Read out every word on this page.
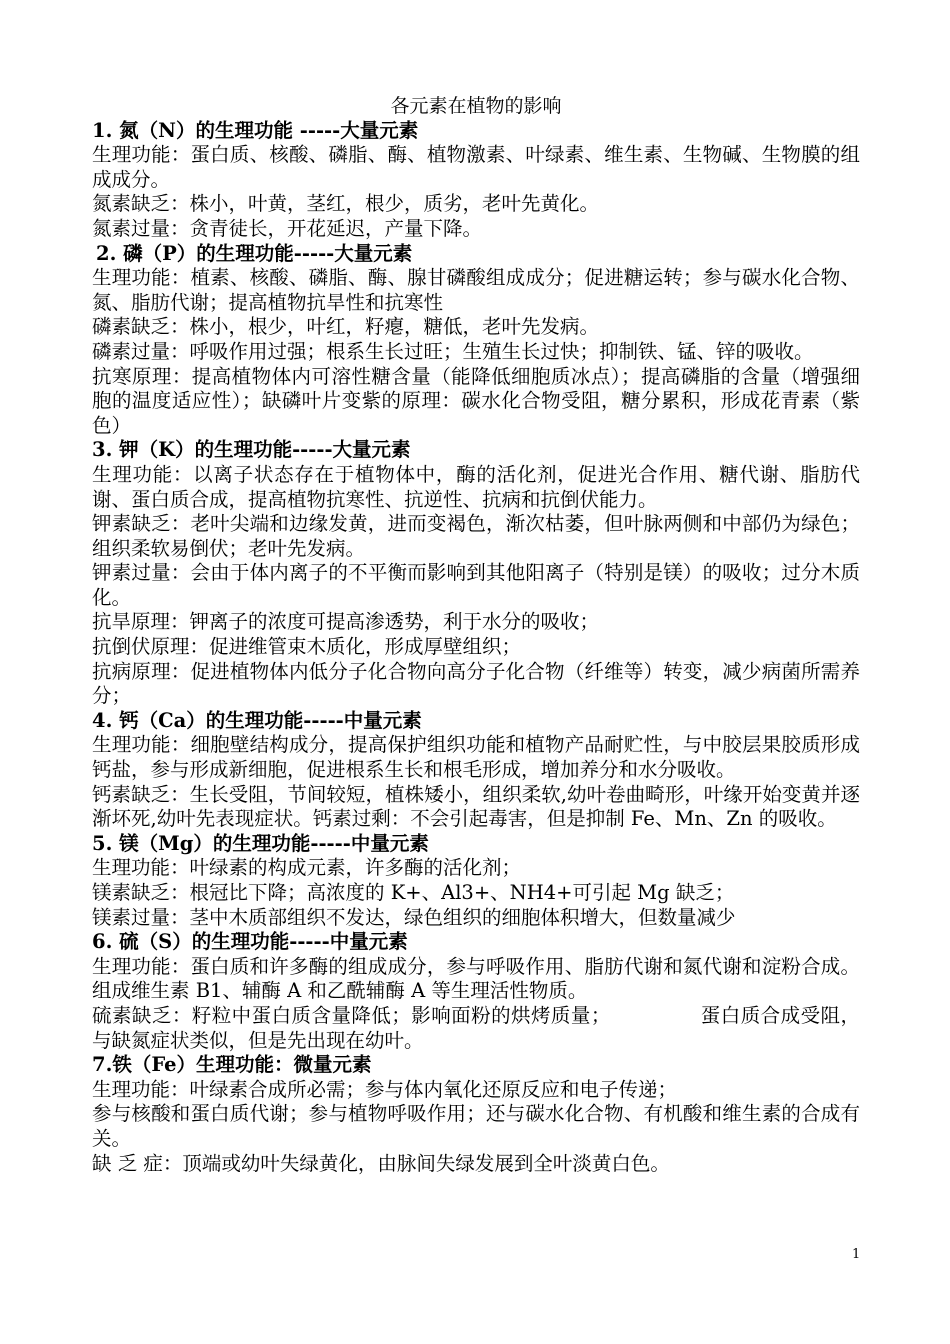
各元素在植物的影响

1. 氮（N）的生理功能 -----大量元素

生理功能：蛋白质、核酸、磷脂、酶、植物激素、叶绿素、维生素、生物碱、生物膜的组成成分。

氮素缺乏：株小，叶黄，茎红，根少，质劣，老叶先黄化。

氮素过量：贪青徒长，开花延迟，产量下降。

2. 磷（P）的生理功能-----大量元素

生理功能：植素、核酸、磷脂、酶、腺甘磷酸组成成分；促进糖运转；参与碳水化合物、氮、脂肪代谢；提高植物抗旱性和抗寒性

磷素缺乏：株小，根少，叶红，籽瘪，糖低，老叶先发病。

磷素过量：呼吸作用过强；根系生长过旺；生殖生长过快；抑制铁、锰、锌的吸收。

抗寒原理：提高植物体内可溶性糖含量（能降低细胞质冰点）；提高磷脂的含量（增强细胞的温度适应性）；缺磷叶片变紫的原理：碳水化合物受阻，糖分累积，形成花青素（紫色）

3. 钾（K）的生理功能-----大量元素

生理功能：以离子状态存在于植物体中，酶的活化剂，促进光合作用、糖代谢、脂肪代谢、蛋白质合成，提高植物抗寒性、抗逆性、抗病和抗倒伏能力。

钾素缺乏：老叶尖端和边缘发黄，进而变褐色，渐次枯萎，但叶脉两侧和中部仍为绿色；组织柔软易倒伏；老叶先发病。

钾素过量：会由于体内离子的不平衡而影响到其他阳离子（特别是镁）的吸收；过分木质化。

抗旱原理：钾离子的浓度可提高渗透势，利于水分的吸收；

抗倒伏原理：促进维管束木质化，形成厚壁组织；

抗病原理：促进植物体内低分子化合物向高分子化合物（纤维等）转变，减少病菌所需养分；

4. 钙（Ca）的生理功能-----中量元素

生理功能：细胞壁结构成分，提高保护组织功能和植物产品耐贮性，与中胶层果胶质形成钙盐，参与形成新细胞，促进根系生长和根毛形成，增加养分和水分吸收。

钙素缺乏：生长受阻，节间较短，植株矮小，组织柔软,幼叶卷曲畸形，叶缘开始变黄并逐渐坏死,幼叶先表现症状。钙素过剩：不会引起毒害，但是抑制 Fe、Mn、Zn 的吸收。

5. 镁（Mg）的生理功能-----中量元素

生理功能：叶绿素的构成元素，许多酶的活化剂；

镁素缺乏：根冠比下降；高浓度的 K+、Al3+、NH4+可引起 Mg 缺乏；

镁素过量：茎中木质部组织不发达，绿色组织的细胞体积增大，但数量减少

6. 硫（S）的生理功能-----中量元素

生理功能：蛋白质和许多酶的组成成分，参与呼吸作用、脂肪代谢和氮代谢和淀粉合成。组成维生素 B1、辅酶 A 和乙酰辅酶 A 等生理活性物质。

硫素缺乏：籽粒中蛋白质含量降低；影响面粉的烘烤质量；　　　　　蛋白质合成受阻，与缺氮症状类似，但是先出现在幼叶。

7.铁（Fe）生理功能：微量元素

生理功能：叶绿素合成所必需；参与体内氧化还原反应和电子传递；

参与核酸和蛋白质代谢；参与植物呼吸作用；还与碳水化合物、有机酸和维生素的合成有关。

缺 乏 症：顶端或幼叶失绿黄化，由脉间失绿发展到全叶淡黄白色。

1
